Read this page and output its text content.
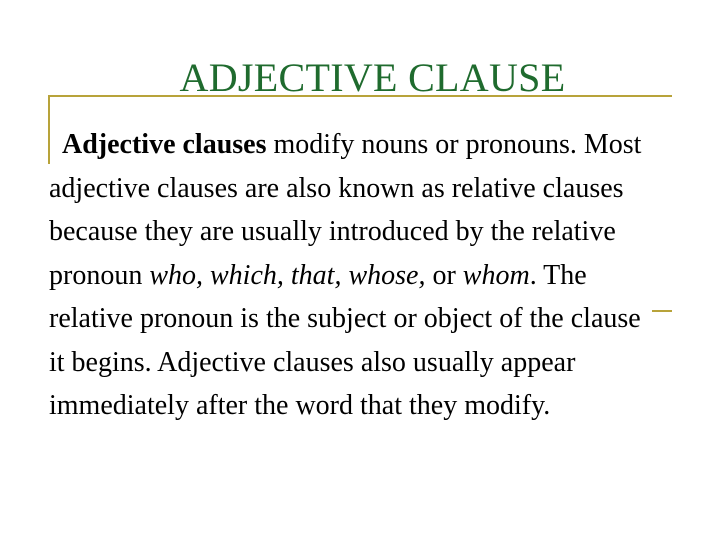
ADJECTIVE CLAUSE

Adjective clauses modify nouns or pronouns. Most adjective clauses are also known as relative clauses because they are usually introduced by the relative pronoun who, which, that, whose, or whom. The relative pronoun is the subject or object of the clause it begins. Adjective clauses also usually appear immediately after the word that they modify.
